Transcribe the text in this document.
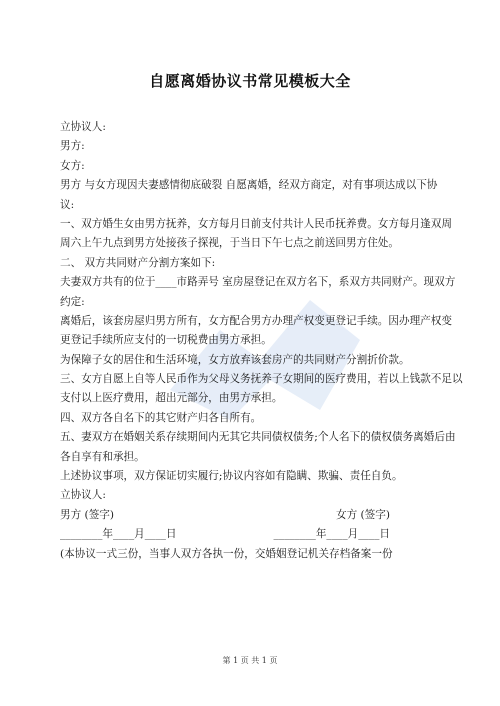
自愿离婚协议书常见模板大全
立协议人:
男方:
女方:
男方 与女方现因夫妻感情彻底破裂 自愿离婚，经双方商定，对有事项达成以下协
议:
一、双方婚生女由男方抚养，女方每月日前支付共计人民币抚养费。女方每月逢双周
周六上午九点到男方处接孩子探视，于当日下午七点之前送回男方住处。
二、 双方共同财产分割方案如下:
夫妻双方共有的位于____市路弄号 室房屋登记在双方名下，系双方共同财产。现双方
约定:
离婚后，该套房屋归男方所有，女方配合男方办理产权变更登记手续。因办理产权变
更登记手续所应支付的一切税费由男方承担。
为保障子女的居住和生活环境，女方放弃该套房产的共同财产分割折价款。
三、女方自愿上自等人民币作为父母义务抚养子女期间的医疗费用，若以上钱款不足以
支付以上医疗费用，超出元部分，由男方承担。
四、双方各自名下的其它财产归各自所有。
五、妻双方在婚姻关系存续期间内无其它共同债权债务;个人名下的债权债务离婚后由
各自享有和承担。
上述协议事项，双方保证切实履行;协议内容如有隐瞒、欺骗、责任自负。
立协议人:
男方 (签字)	女方 (签字)
________年____月____日	________年____月____日
(本协议一式三份，当事人双方各执一份，交婚姻登记机关存档备案一份
第 1 页 共 1 页
